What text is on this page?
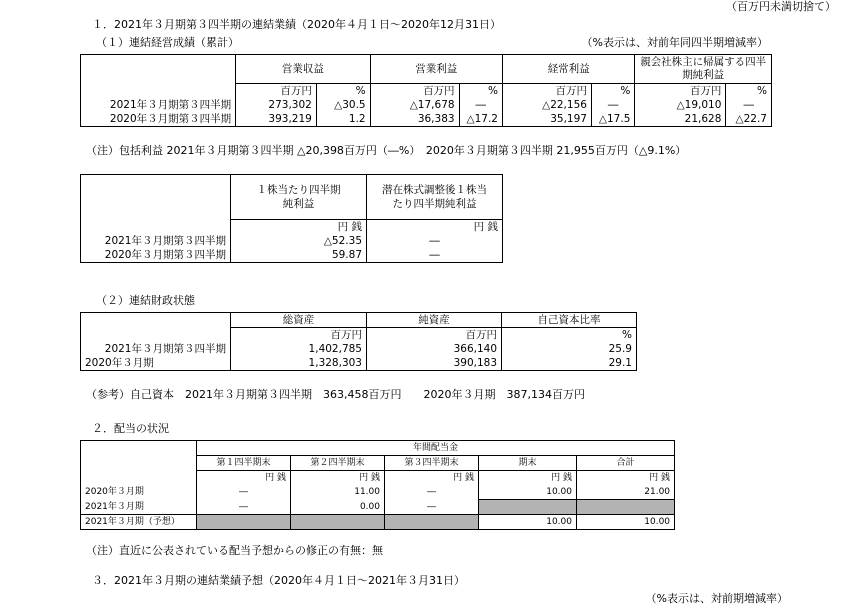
（百万円未満切捨て）
１．2021年３月期第３四半期の連結業績（2020年４月１日～2020年12月31日）
（１）連結経営成績（累計）	（%表示は、対前年同四半期増減率）
	営業収益		営業利益		経常利益		親会社株主に帰属する四半期純利益	
	百万円	%	百万円	%	百万円	%	百万円	%
2021年３月期第３四半期	273,302	△30.5	△17,678	―	△22,156	―	△19,010	―
2020年３月期第３四半期	393,219	1.2	36,383	△17.2	35,197	△17.5	21,628	△22.7
（注）包括利益 2021年３月期第３四半期 △20,398百万円（―%）　2020年３月期第３四半期 21,955百万円（△9.1%）
	１株当たり四半期純利益	潜在株式調整後１株当たり四半期純利益
	円 銭	円 銭
2021年３月期第３四半期	△52.35	―
2020年３月期第３四半期	59.87	―
（２）連結財政状態
	総資産	純資産	自己資本比率
	百万円	百万円	%
2021年３月期第３四半期	1,402,785	366,140	25.9
2020年３月期	1,328,303	390,183	29.1
（参考）自己資本　2021年３月期第３四半期　363,458百万円　　2020年３月期　387,134百万円
２．配当の状況
	年間配当金				
	第１四半期末	第２四半期末	第３四半期末	期末	合計
	円 銭	円 銭	円 銭	円 銭	円 銭
2020年３月期	―	11.00	―	10.00	21.00
2021年３月期	―	0.00	―		
2021年３月期（予想）				10.00	10.00
（注）直近に公表されている配当予想からの修正の有無：無
３．2021年３月期の連結業績予想（2020年４月１日～2021年３月31日）
（%表示は、対前期増減率）
